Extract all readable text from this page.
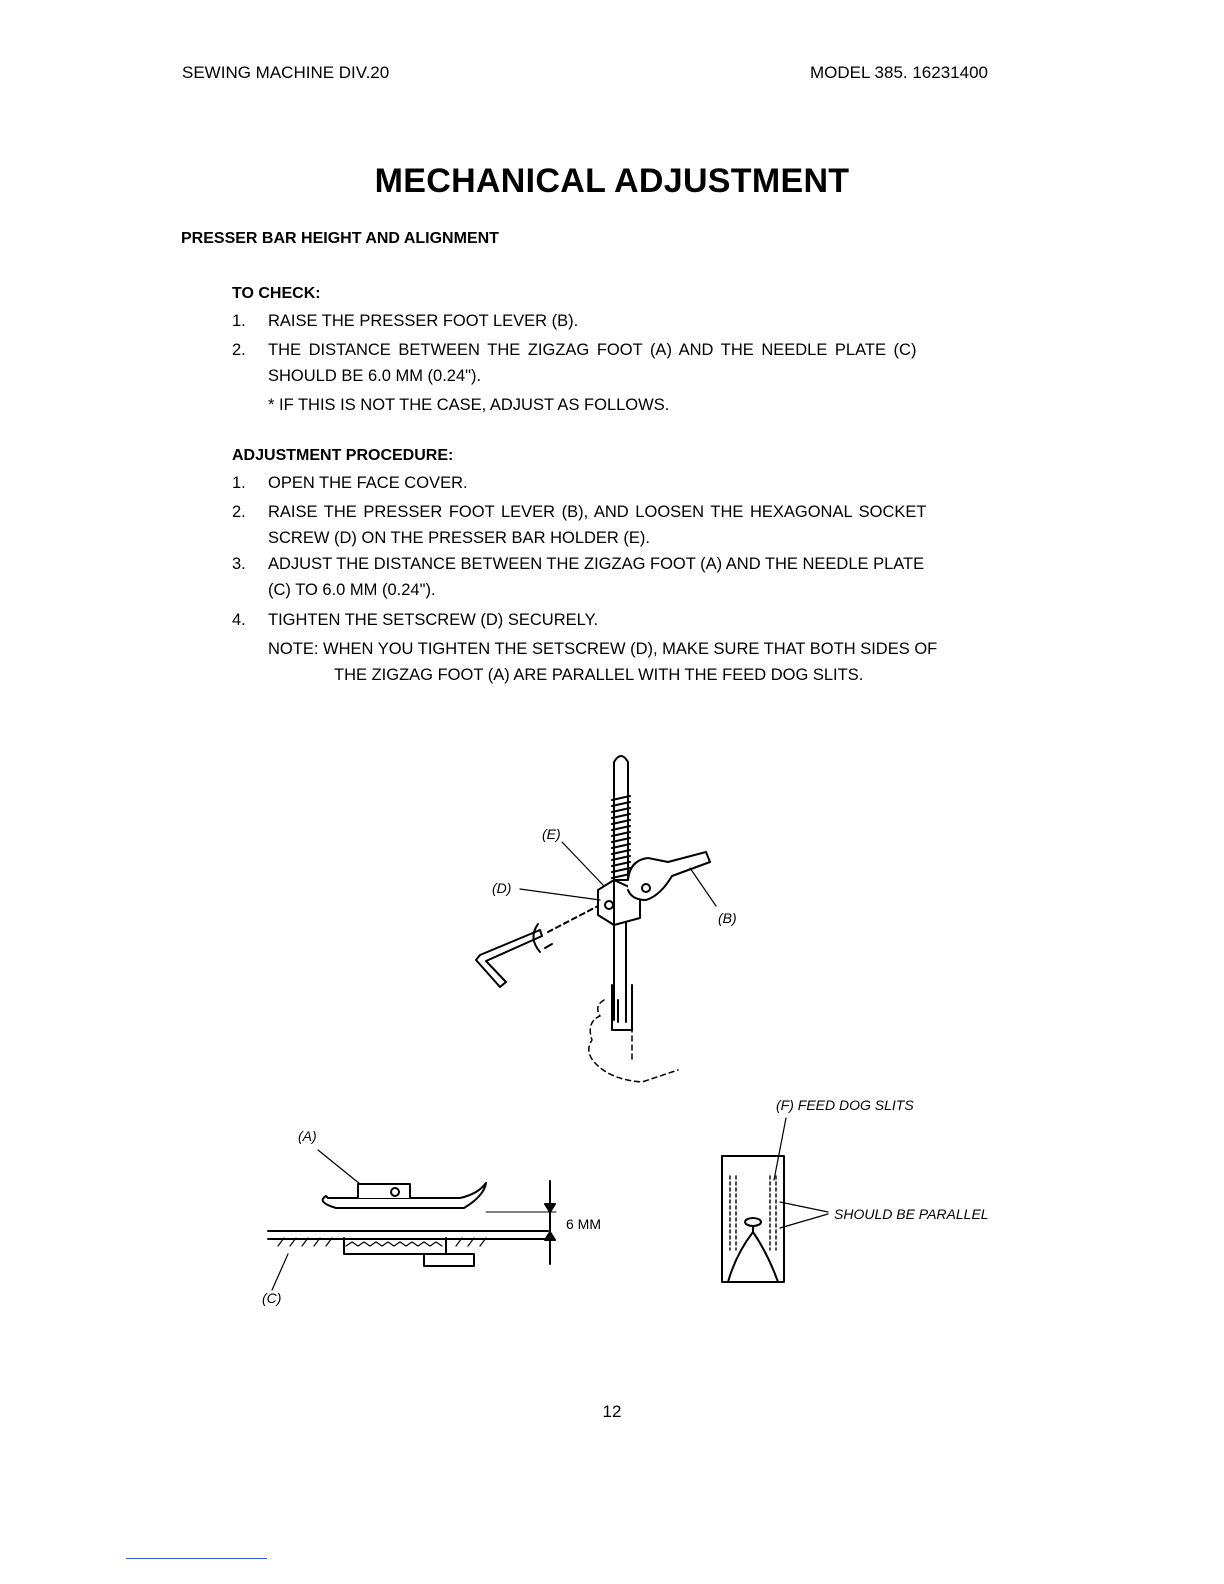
SEWING MACHINE DIV.20	MODEL 385. 16231400
MECHANICAL ADJUSTMENT
PRESSER BAR HEIGHT AND ALIGNMENT
TO CHECK:
1. RAISE THE PRESSER FOOT LEVER (B).
2. THE DISTANCE BETWEEN THE ZIGZAG FOOT (A) AND THE NEEDLE PLATE (C)
SHOULD BE 6.0 MM (0.24").
* IF THIS IS NOT THE CASE, ADJUST AS FOLLOWS.
ADJUSTMENT PROCEDURE:
1. OPEN THE FACE COVER.
2. RAISE THE PRESSER FOOT LEVER (B), AND LOOSEN THE HEXAGONAL SOCKET
SCREW (D) ON THE PRESSER BAR HOLDER (E).
3. ADJUST THE DISTANCE BETWEEN THE ZIGZAG FOOT (A) AND THE NEEDLE PLATE
(C) TO 6.0 MM (0.24").
4. TIGHTEN THE SETSCREW (D) SECURELY.
NOTE: WHEN YOU TIGHTEN THE SETSCREW (D), MAKE SURE THAT BOTH SIDES OF
THE ZIGZAG FOOT (A) ARE PARALLEL WITH THE FEED DOG SLITS.
(E)
(D)
(B)
(A)
(C)
6 MM
(F) FEED DOG SLITS
SHOULD BE PARALLEL
12
